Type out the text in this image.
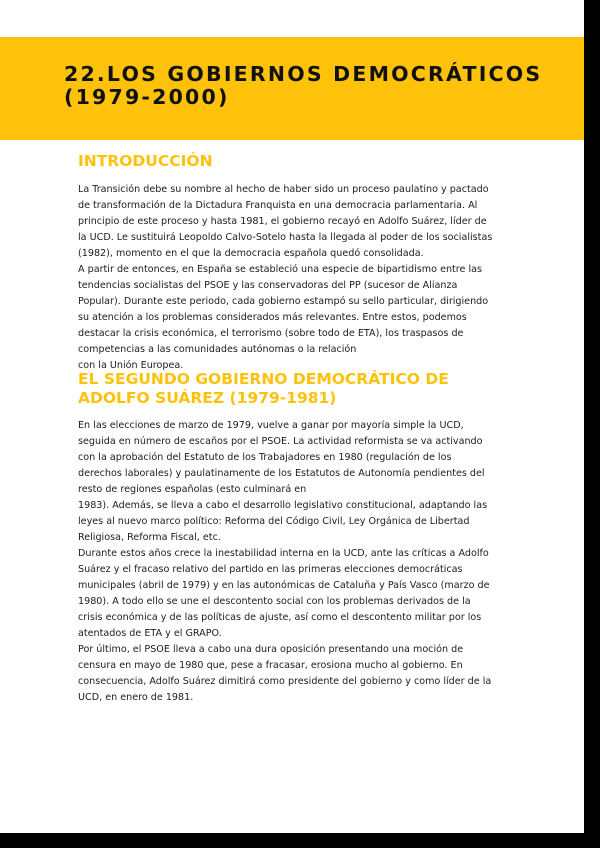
22.LOS GOBIERNOS DEMOCRÁTICOS
(1979-2000)
INTRODUCCIÓN
La Transición debe su nombre al hecho de haber sido un proceso paulatino y pactado
de transformación de la Dictadura Franquista en una democracia parlamentaria. Al
principio de este proceso y hasta 1981, el gobierno recayó en Adolfo Suárez, líder de
la UCD. Le sustituirá Leopoldo Calvo-Sotelo hasta la llegada al poder de los socialistas
(1982), momento en el que la democracia española quedó consolidada.
A partir de entonces, en España se estableció una especie de bipartidismo entre las
tendencias socialistas del PSOE y las conservadoras del PP (sucesor de Alianza
Popular). Durante este periodo, cada gobierno estampó su sello particular, dirigiendo
su atención a los problemas considerados más relevantes. Entre estos, podemos
destacar la crisis económica, el terrorismo (sobre todo de ETA), los traspasos de
competencias a las comunidades autónomas o la relación
con la Unión Europea.
EL SEGUNDO GOBIERNO DEMOCRÁTICO DE
ADOLFO SUÁREZ (1979-1981)
En las elecciones de marzo de 1979, vuelve a ganar por mayoría simple la UCD,
seguida en número de escaños por el PSOE. La actividad reformista se va activando
con la aprobación del Estatuto de los Trabajadores en 1980 (regulación de los
derechos laborales) y paulatinamente de los Estatutos de Autonomía pendientes del
resto de regiones españolas (esto culminará en
1983). Además, se lleva a cabo el desarrollo legislativo constitucional, adaptando las
leyes al nuevo marco político: Reforma del Código Civil, Ley Orgánica de Libertad
Religiosa, Reforma Fiscal, etc.
Durante estos años crece la inestabilidad interna en la UCD, ante las críticas a Adolfo
Suárez y el fracaso relativo del partido en las primeras elecciones democráticas
municipales (abril de 1979) y en las autonómicas de Cataluña y País Vasco (marzo de
1980). A todo ello se une el descontento social con los problemas derivados de la
crisis económica y de las políticas de ajuste, así como el descontento militar por los
atentados de ETA y el GRAPO.
Por último, el PSOE lleva a cabo una dura oposición presentando una moción de
censura en mayo de 1980 que, pese a fracasar, erosiona mucho al gobierno. En
consecuencia, Adolfo Suárez dimitirá como presidente del gobierno y como líder de la
UCD, en enero de 1981.
